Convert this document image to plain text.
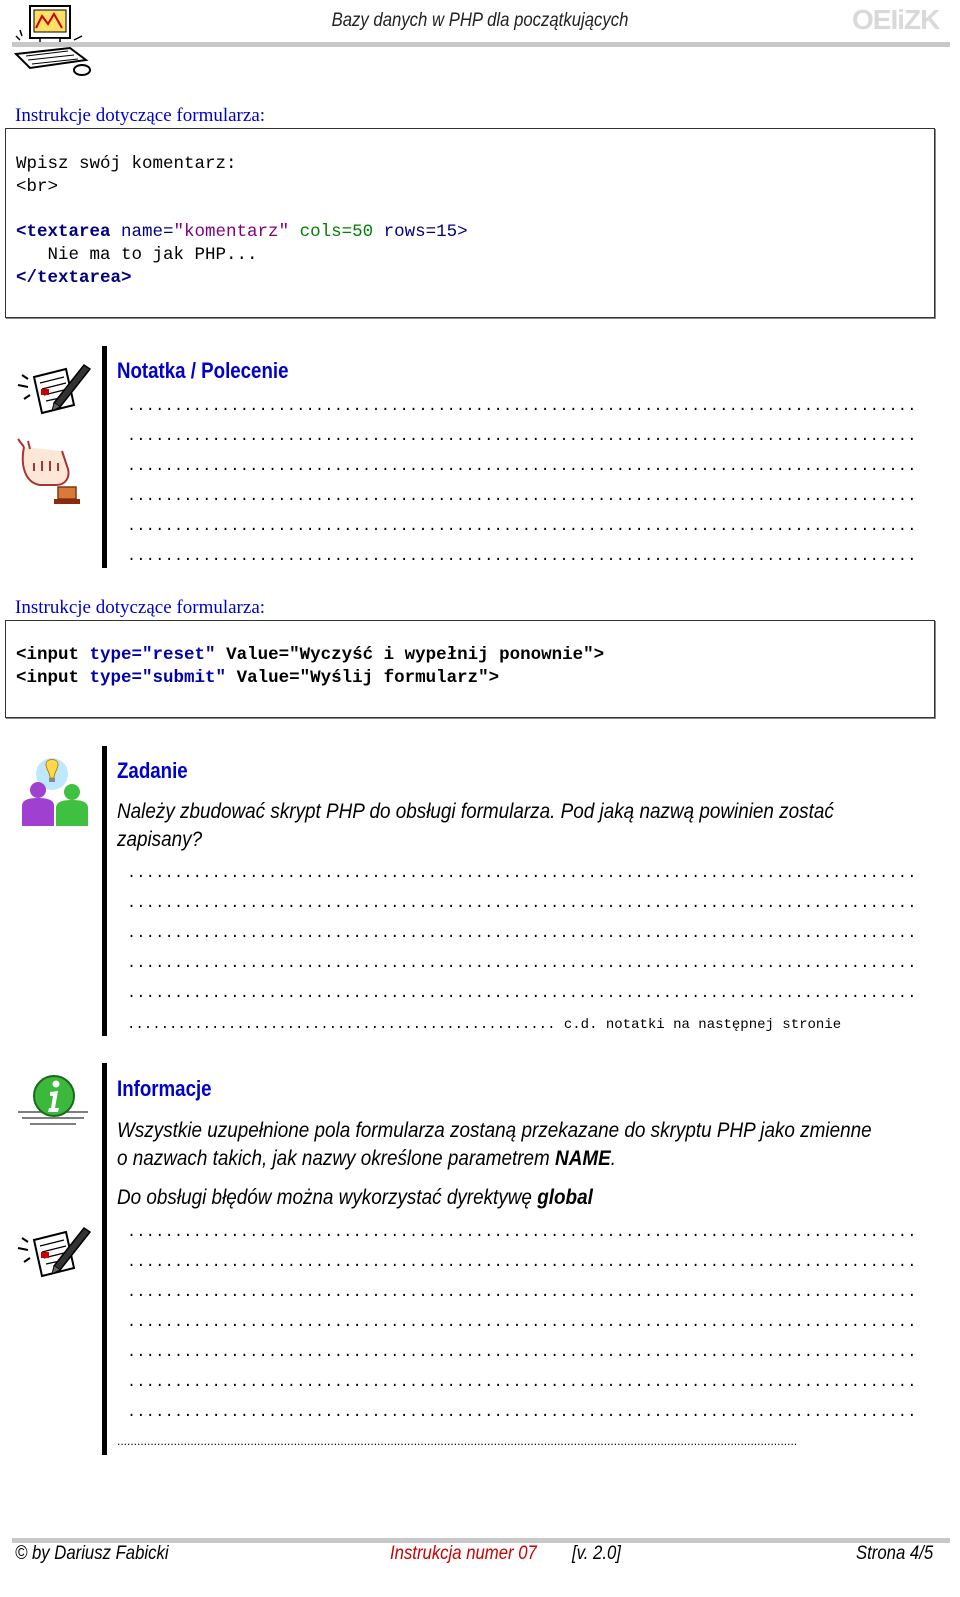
Bazy danych w PHP dla początkujących	OEIiZK
Instrukcje dotyczące formularza:
Wpisz swój komentarz:
<br>
<textarea name="komentarz" cols=50 rows=15>
Nie ma to jak PHP...
</textarea>
Notatka / Polecenie
....................................................................................
....................................................................................
....................................................................................
....................................................................................
....................................................................................
....................................................................................
Instrukcje dotyczące formularza:
<input type="reset" Value="Wyczyść i wypełnij ponownie">
<input type="submit" Value="Wyślij formularz">
Zadanie
Należy zbudować skrypt PHP do obsługi formularza. Pod jaką nazwą powinien zostać
zapisany?
....................................................................................
....................................................................................
....................................................................................
....................................................................................
....................................................................................
................................................... c.d. notatki na następnej stronie
Informacje
Wszystkie uzupełnione pola formularza zostaną przekazane do skryptu PHP jako zmienne
o nazwach takich, jak nazwy określone parametrem NAME.
Do obsługi błędów można wykorzystać dyrektywę global
....................................................................................
....................................................................................
....................................................................................
....................................................................................
....................................................................................
....................................................................................
....................................................................................
............................................................................................................................................................................................................
© by Dariusz Fabicki	Instrukcja numer 07 [v. 2.0]	Strona 4/5
